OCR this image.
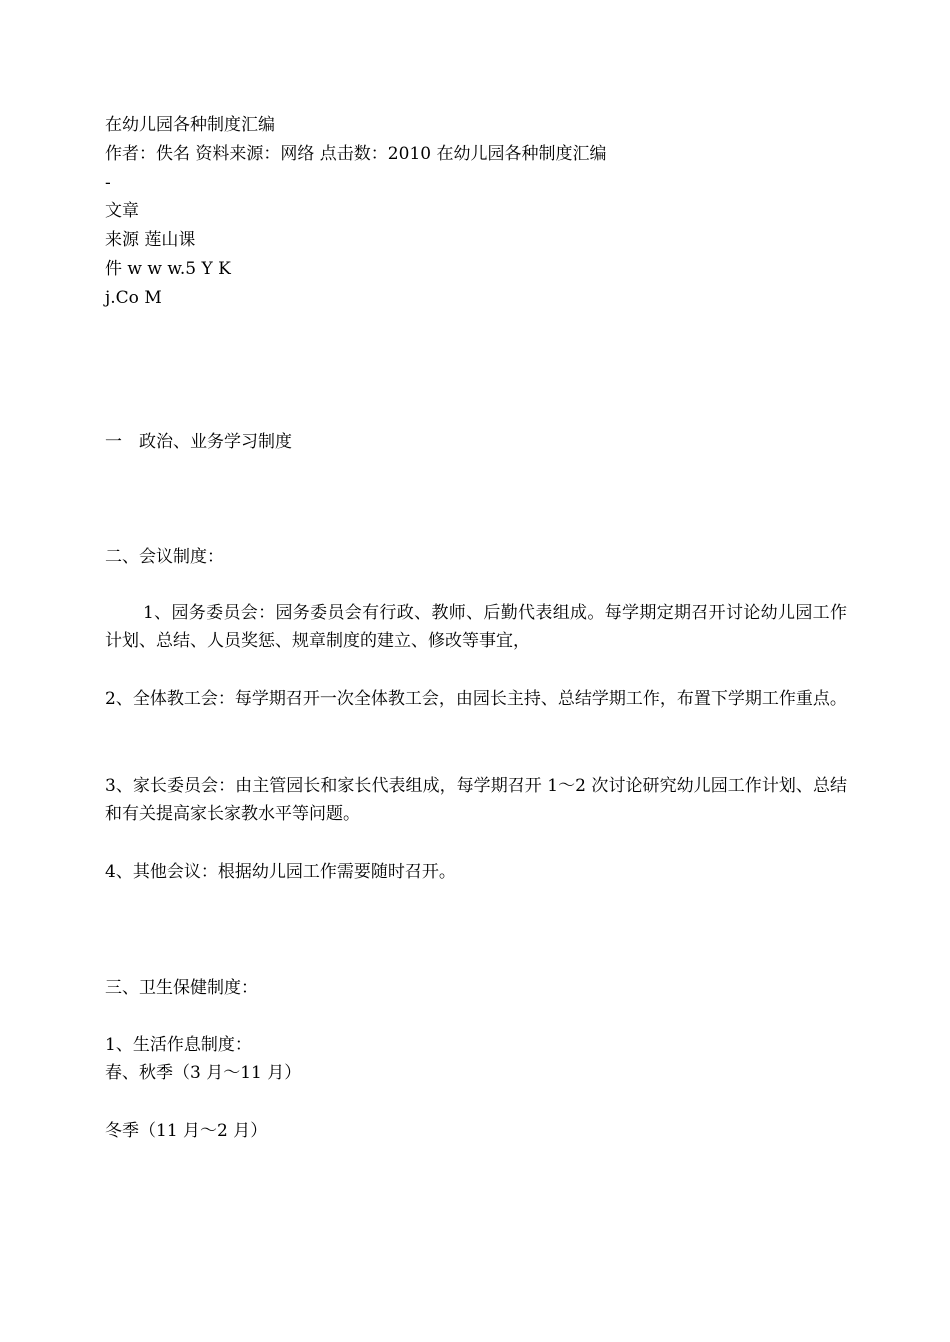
在幼儿园各种制度汇编
作者：佚名 资料来源：网络 点击数：2010 在幼儿园各种制度汇编
-
文章
来源 莲山课
件 w w w.5 Y K
j.Co M
一　政治、业务学习制度
二、会议制度：
1、园务委员会：园务委员会有行政、教师、后勤代表组成。每学期定期召开讨论幼儿园工作计划、总结、人员奖惩、规章制度的建立、修改等事宜，
2、全体教工会：每学期召开一次全体教工会，由园长主持、总结学期工作，布置下学期工作重点。
3、家长委员会：由主管园长和家长代表组成，每学期召开 1～2 次讨论研究幼儿园工作计划、总结和有关提高家长家教水平等问题。
4、其他会议：根据幼儿园工作需要随时召开。
三、卫生保健制度：
1、生活作息制度：
春、秋季（3 月～11 月）
冬季（11 月～2 月）
